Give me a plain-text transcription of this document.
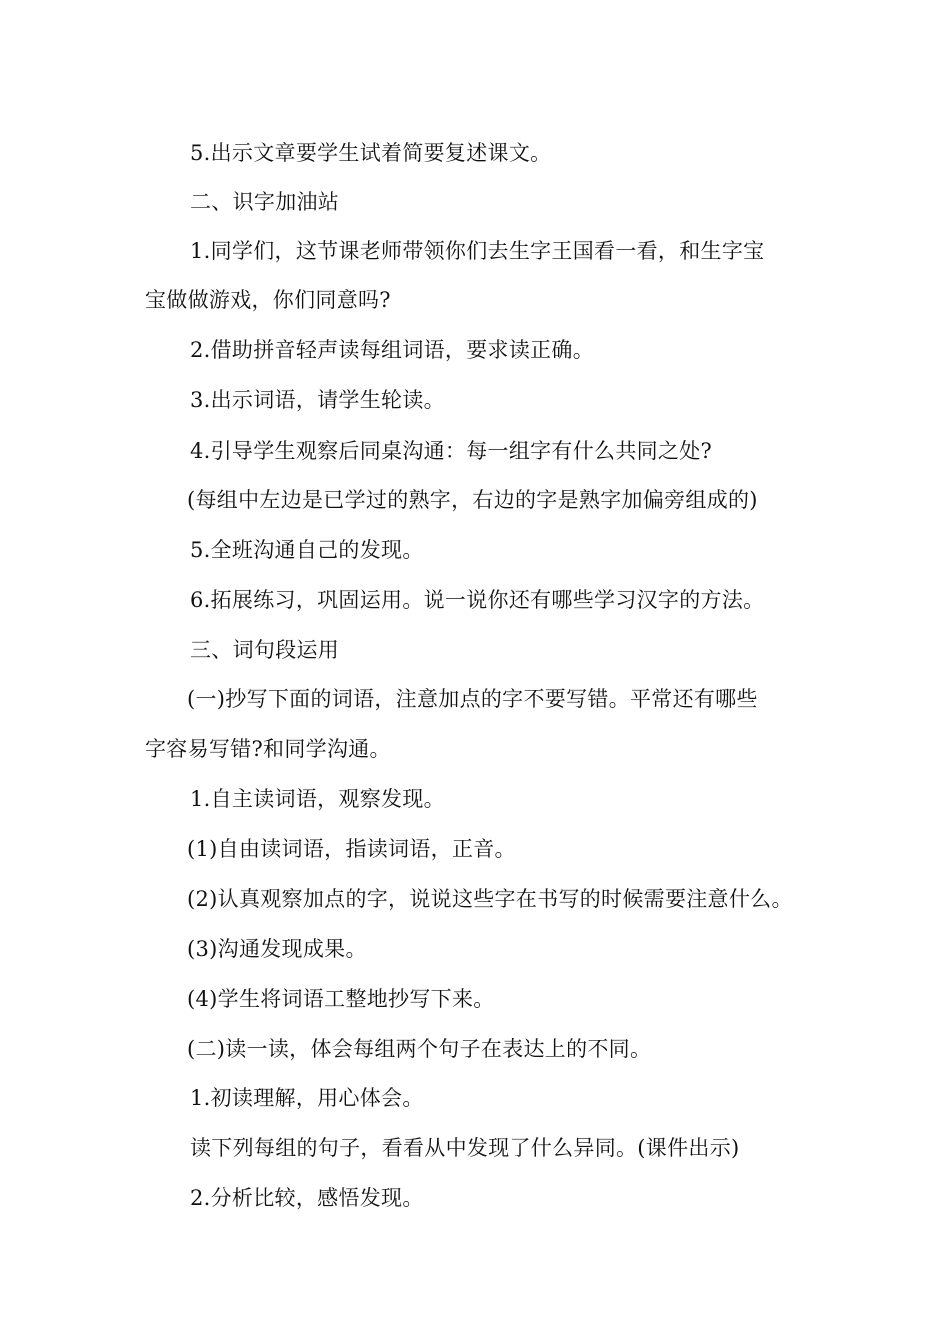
5.出示文章要学生试着简要复述课文。
二、识字加油站
1.同学们，这节课老师带领你们去生字王国看一看，和生字宝
宝做做游戏，你们同意吗?
2.借助拼音轻声读每组词语，要求读正确。
3.出示词语，请学生轮读。
4.引导学生观察后同桌沟通：每一组字有什么共同之处?
(每组中左边是已学过的熟字，右边的字是熟字加偏旁组成的)
5.全班沟通自己的发现。
6.拓展练习，巩固运用。说一说你还有哪些学习汉字的方法。
三、词句段运用
(一)抄写下面的词语，注意加点的字不要写错。平常还有哪些
字容易写错?和同学沟通。
1.自主读词语，观察发现。
(1)自由读词语，指读词语，正音。
(2)认真观察加点的字，说说这些字在书写的时候需要注意什么。
(3)沟通发现成果。
(4)学生将词语工整地抄写下来。
(二)读一读，体会每组两个句子在表达上的不同。
1.初读理解，用心体会。
读下列每组的句子，看看从中发现了什么异同。(课件出示)
2.分析比较，感悟发现。
